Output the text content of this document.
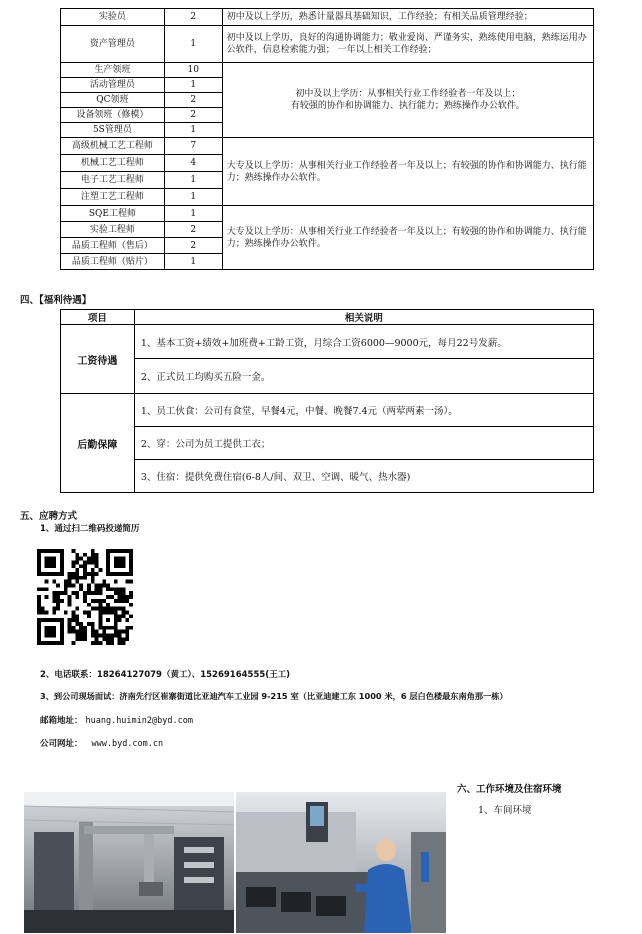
实验员	2	初中及以上学历，熟悉计量器具基础知识，工作经验；有相关品质管理经验；
资产管理员	1	初中及以上学历，良好的沟通协调能力；敬业爱岗、严谨务实，熟练使用电脑，熟练运用办公软件，信息检索能力强； 一年以上相关工作经验；
生产领班	10	初中及以上学历：从事相关行业工作经验者一年及以上；
有较强的协作和协调能力、执行能力；熟练操作办公软件。

活动管理员	1	
QC领班	2	
设备领班（修模）	2	
5S管理员	1	
高级机械工艺工程师	7	大专及以上学历：从事相关行业工作经验者一年及以上；有较强的协作和协调能力、执行能力；熟练操作办公软件。
机械工艺工程师	4	
电子工艺工程师	1	
注塑工艺工程师	1	
SQE工程师	1	大专及以上学历：从事相关行业工作经验者一年及以上；有较强的协作和协调能力、执行能力；熟练操作办公软件。
实验工程师	2	
品质工程师（售后）	2	
品质工程师（贴片）	1	
四、【福利待遇】
项目	相关说明
工资待遇	1、基本工资+绩效+加班费+工龄工资，月综合工资6000—9000元，每月22号发薪。
	2、正式员工均购买五险一金。
后勤保障	1、员工伙食：公司有食堂，早餐4元，中餐、晚餐7.4元（两荤两素一汤）。
	2、穿：公司为员工提供工衣；
	3、住宿：提供免费住宿(6-8人/间、双卫、空调、暖气、热水器)
五、应聘方式
1、通过扫二维码投递简历
2、电话联系：18264127079（黄工）、15269164555(王工)
3、到公司现场面试：济南先行区崔寨街道比亚迪汽车工业园 9-215 室（比亚迪建工东 1000 米，6 层白色楼最东南角那一栋）
邮箱地址： huang.huimin2@byd.com
公司网址： www.byd.com.cn
六、工作环境及住宿环境
1、车间环境
